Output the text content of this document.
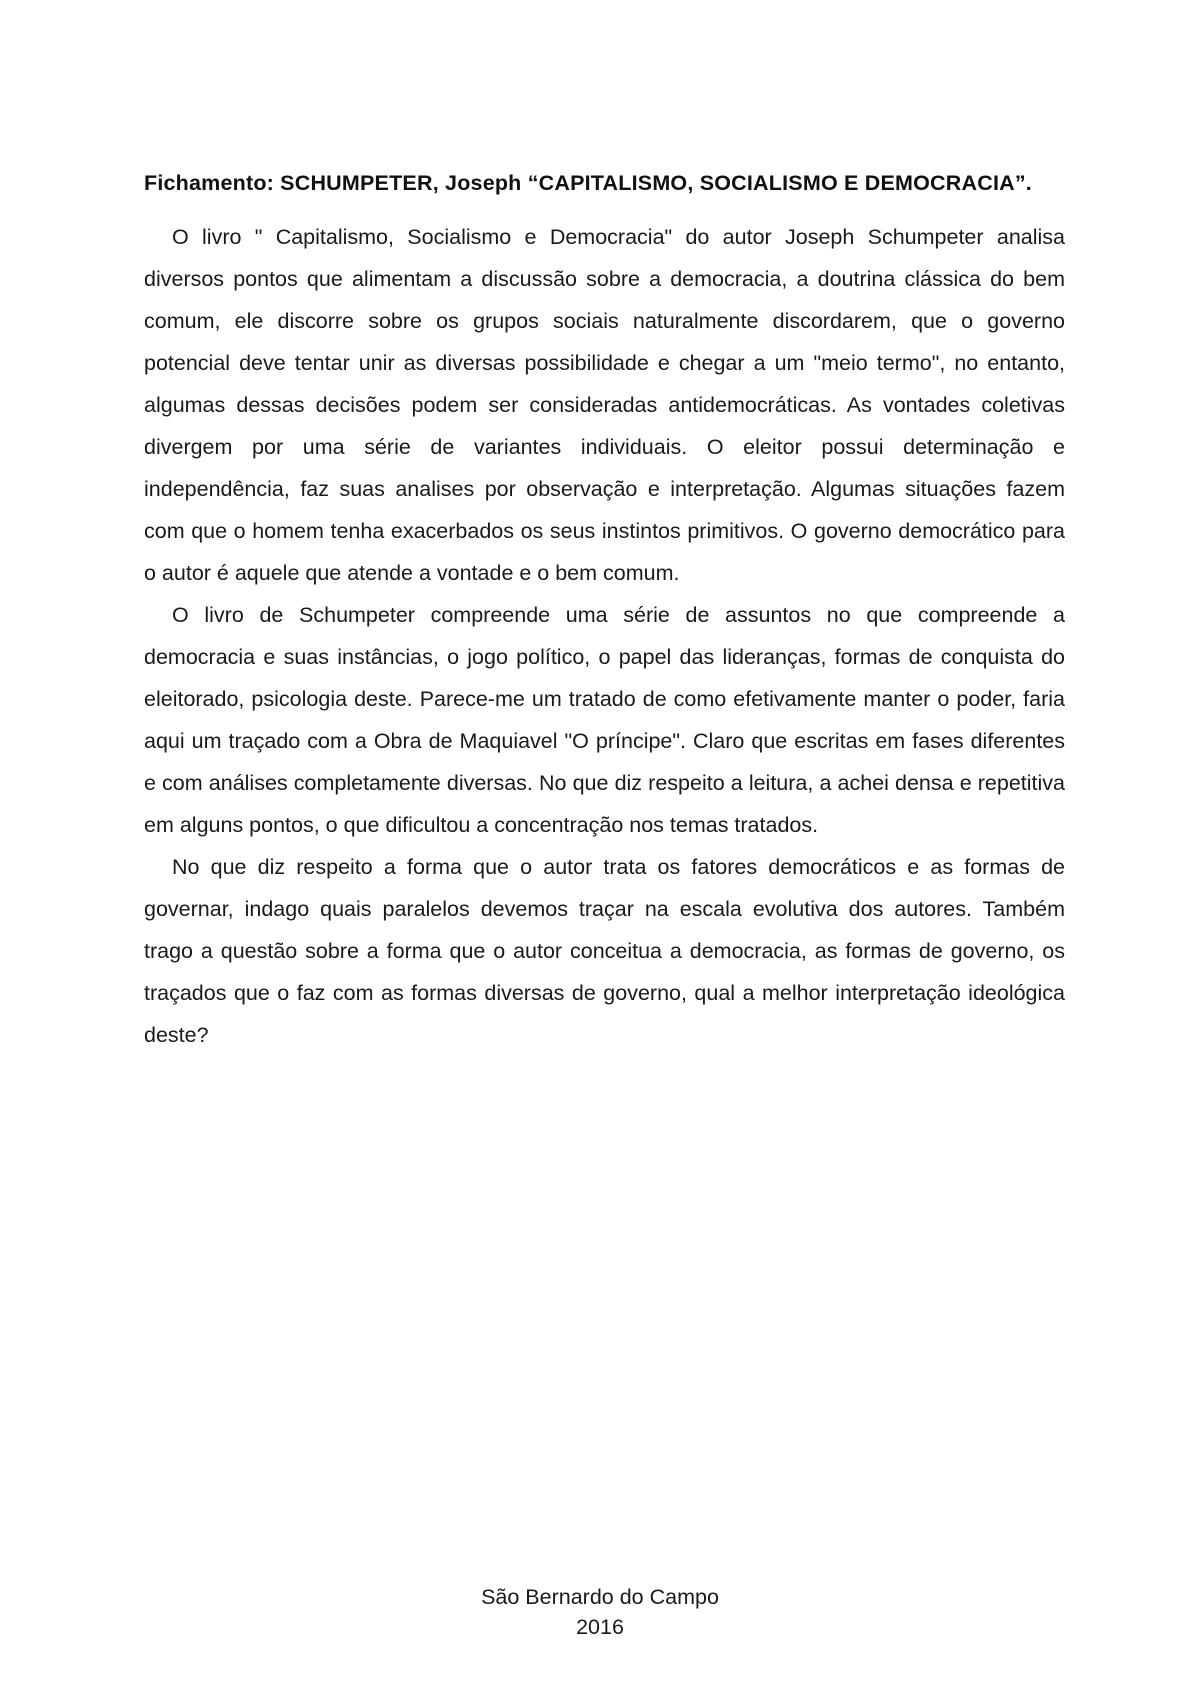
Fichamento: SCHUMPETER, Joseph “CAPITALISMO, SOCIALISMO E DEMOCRACIA”.

O livro " Capitalismo, Socialismo e Democracia" do autor Joseph Schumpeter analisa diversos pontos que alimentam a discussão sobre a democracia, a doutrina clássica do bem comum, ele discorre sobre os grupos sociais naturalmente discordarem, que o governo potencial deve tentar unir as diversas possibilidade e chegar a um "meio termo", no entanto, algumas dessas decisões podem ser consideradas antidemocráticas. As vontades coletivas divergem por uma série de variantes individuais. O eleitor possui determinação e independência, faz suas analises por observação e interpretação. Algumas situações fazem com que o homem tenha exacerbados os seus instintos primitivos. O governo democrático para o autor é aquele que atende a vontade e o bem comum.

O livro de Schumpeter compreende uma série de assuntos no que compreende a democracia e suas instâncias, o jogo político, o papel das lideranças, formas de conquista do eleitorado, psicologia deste. Parece-me um tratado de como efetivamente manter o poder, faria aqui um traçado com a Obra de Maquiavel "O príncipe". Claro que escritas em fases diferentes e com análises completamente diversas. No que diz respeito a leitura, a achei densa e repetitiva em alguns pontos, o que dificultou a concentração nos temas tratados.

No que diz respeito a forma que o autor trata os fatores democráticos e as formas de governar, indago quais paralelos devemos traçar na escala evolutiva dos autores. Também trago a questão sobre a forma que o autor conceitua a democracia, as formas de governo, os traçados que o faz com as formas diversas de governo, qual a melhor interpretação ideológica deste?

São Bernardo do Campo
2016
